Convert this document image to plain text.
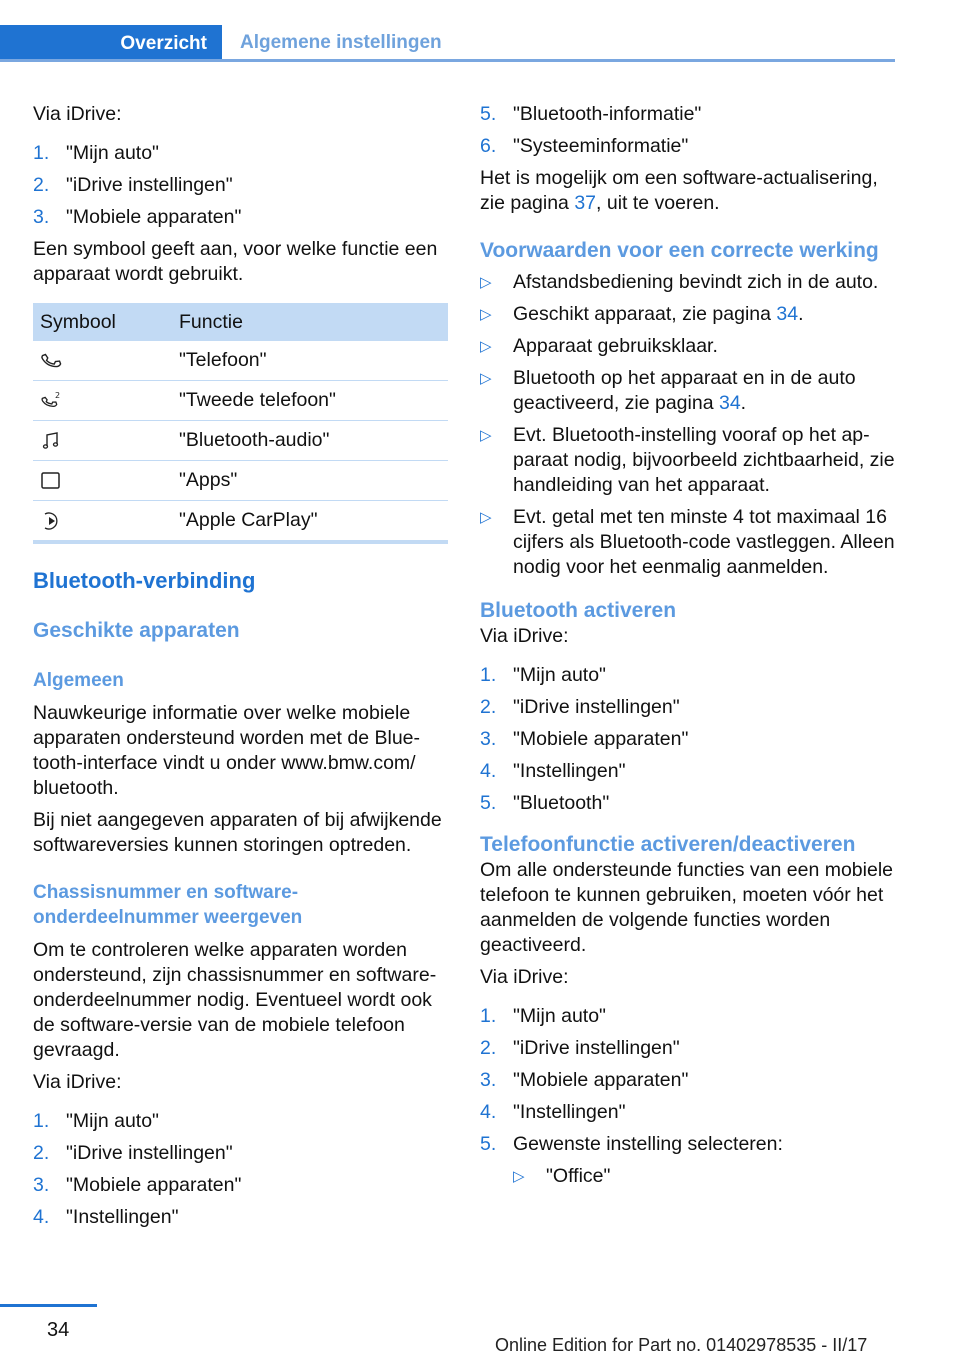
Overzicht Algemene instellingen

Via iDrive:

1. "Mijn auto"
2. "iDrive instellingen"
3. "Mobiele apparaten"

Een symbool geeft aan, voor welke functie een apparaat wordt gebruikt.

Symbool	Functie

	"Telefoon"

2	"Tweede telefoon"

	"Bluetooth-audio"

	"Apps"

	"Apple CarPlay"
Bluetooth-verbinding
Geschikte apparaten
Algemeen

Nauwkeurige informatie over welke mobiele apparaten ondersteund worden met de Bluetooth-interface vindt u onder www.bmw.com/ bluetooth.

Bij niet aangegeven apparaten of bij afwijkende softwareversies kunnen storingen optreden.

Chassisnummer en softwareonderdeelnummer weergeven

Om te controleren welke apparaten worden ondersteund, zijn chassisnummer en softwareonderdeelnummer nodig. Eventueel wordt ook de software-versie van de mobiele telefoon gevraagd.

Via iDrive:

1. "Mijn auto"
2. "iDrive instellingen"
3. "Mobiele apparaten"
4. "Instellingen"
5. "Bluetooth-informatie"
6. "Systeeminformatie"

Het is mogelijk om een software-actualisering, zie pagina 37, uit te voeren.

Voorwaarden voor een correcte werking
▷	Afstandsbediening bevindt zich in de auto.
▷	Geschikt apparaat, zie pagina 34.
▷	Apparaat gebruiksklaar.
▷	Bluetooth op het apparaat en in de auto geactiveerd, zie pagina 34.
▷	Evt. Bluetooth-instelling vooraf op het apparaat nodig, bijvoorbeeld zichtbaarheid, zie handleiding van het apparaat.
▷	Evt. getal met ten minste 4 tot maximaal 16 cijfers als Bluetooth-code vastleggen. Alleen nodig voor het eenmalig aanmelden.
Bluetooth activeren

Via iDrive:

1. "Mijn auto"
2. "iDrive instellingen"
3. "Mobiele apparaten"
4. "Instellingen"
5. "Bluetooth"
Telefoonfunctie activeren/deactiveren

Om alle ondersteunde functies van een mobiele telefoon te kunnen gebruiken, moeten vóór het aanmelden de volgende functies worden geactiveerd.

Via iDrive:

1. "Mijn auto"
2. "iDrive instellingen"
3. "Mobiele apparaten"
4. "Instellingen"
5. Gewenste instelling selecteren:
▷	"Office"
34
Online Edition for Part no. 01402978535 - II/17
